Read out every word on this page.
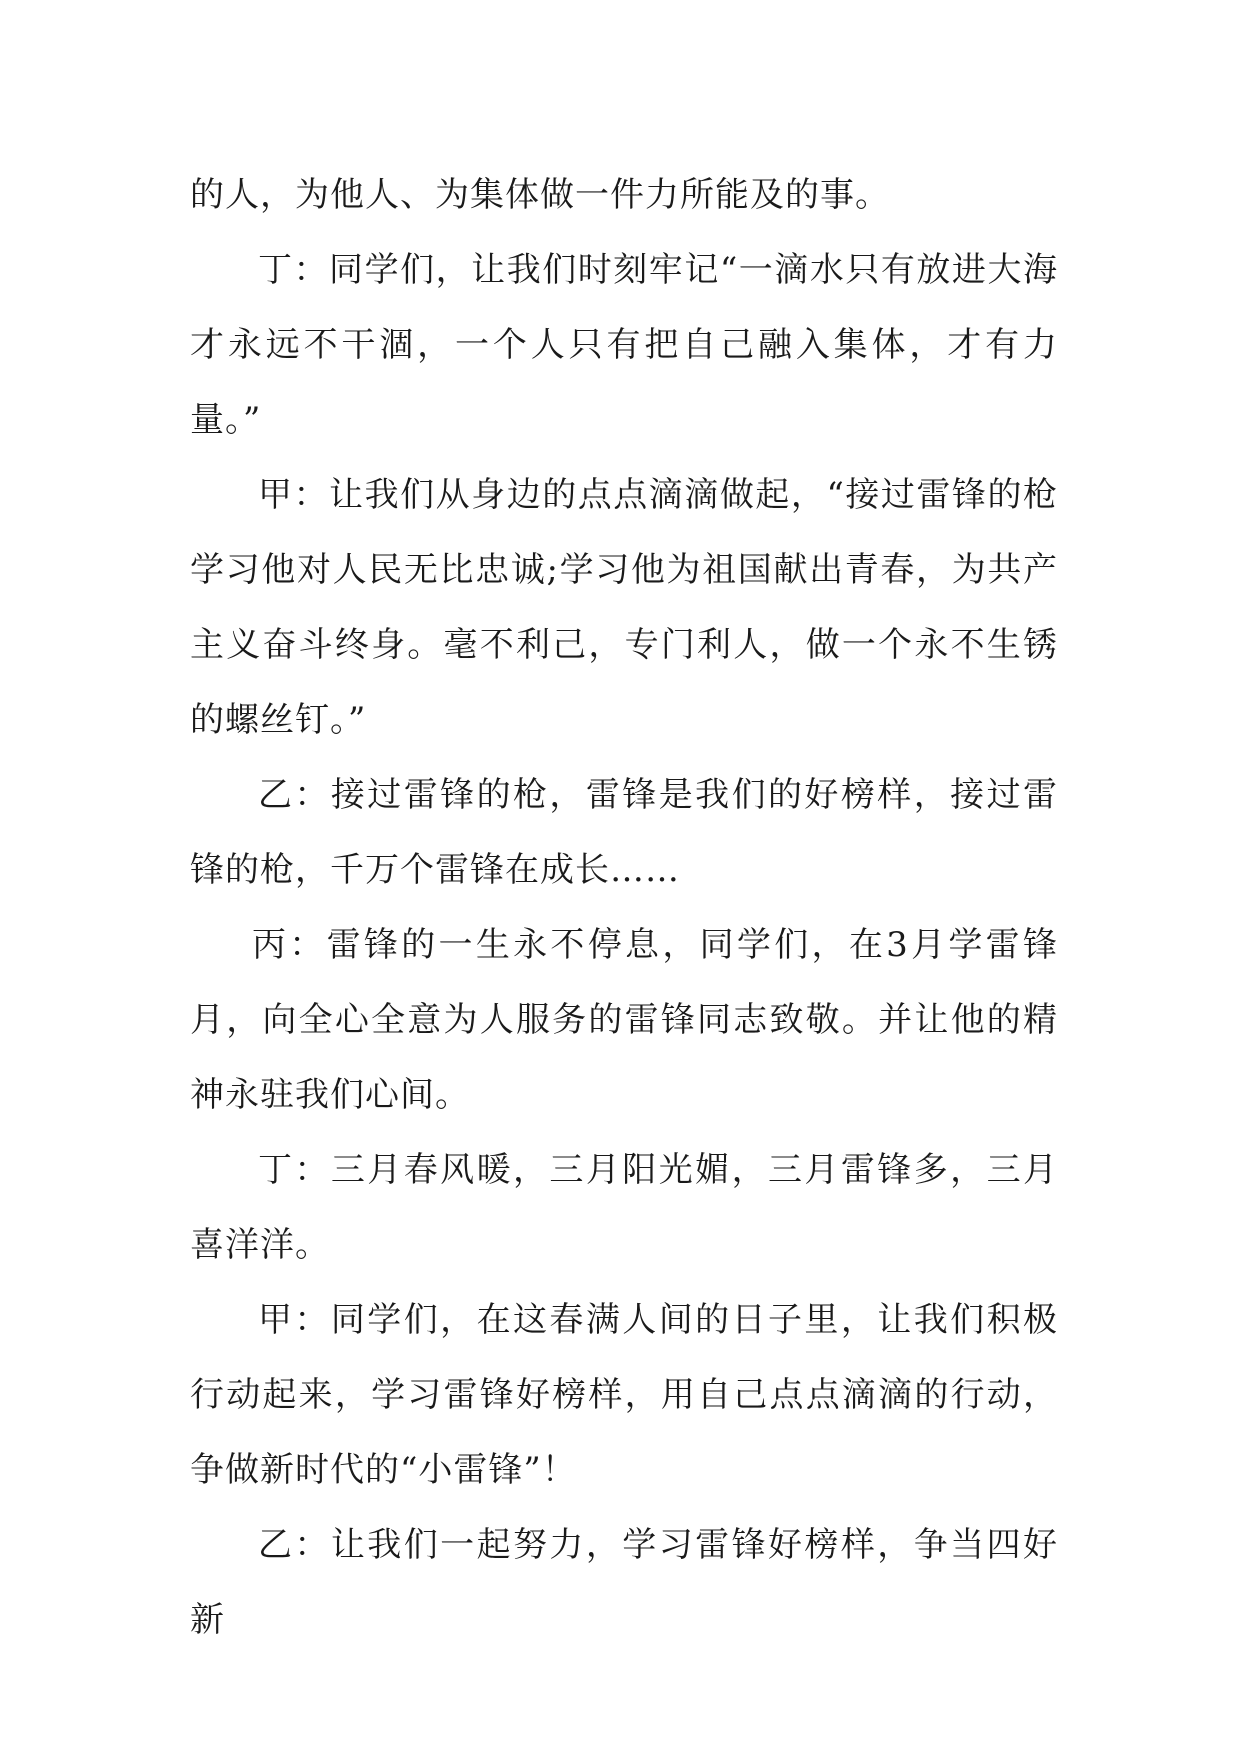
的人，为他人、为集体做一件力所能及的事。

丁：同学们，让我们时刻牢记“一滴水只有放进大海才永远不干涸，一个人只有把自己融入集体，才有力量。”

甲：让我们从身边的点点滴滴做起，“接过雷锋的枪学习他对人民无比忠诚;学习他为祖国献出青春，为共产主义奋斗终身。毫不利己，专门利人，做一个永不生锈的螺丝钉。”

乙：接过雷锋的枪，雷锋是我们的好榜样，接过雷锋的枪，千万个雷锋在成长……

丙：雷锋的一生永不停息，同学们，在3月学雷锋月，向全心全意为人服务的雷锋同志致敬。并让他的精神永驻我们心间。

丁：三月春风暖，三月阳光媚，三月雷锋多，三月喜洋洋。

甲：同学们，在这春满人间的日子里，让我们积极行动起来，学习雷锋好榜样，用自己点点滴滴的行动，争做新时代的“小雷锋”！

乙：让我们一起努力，学习雷锋好榜样，争当四好新
